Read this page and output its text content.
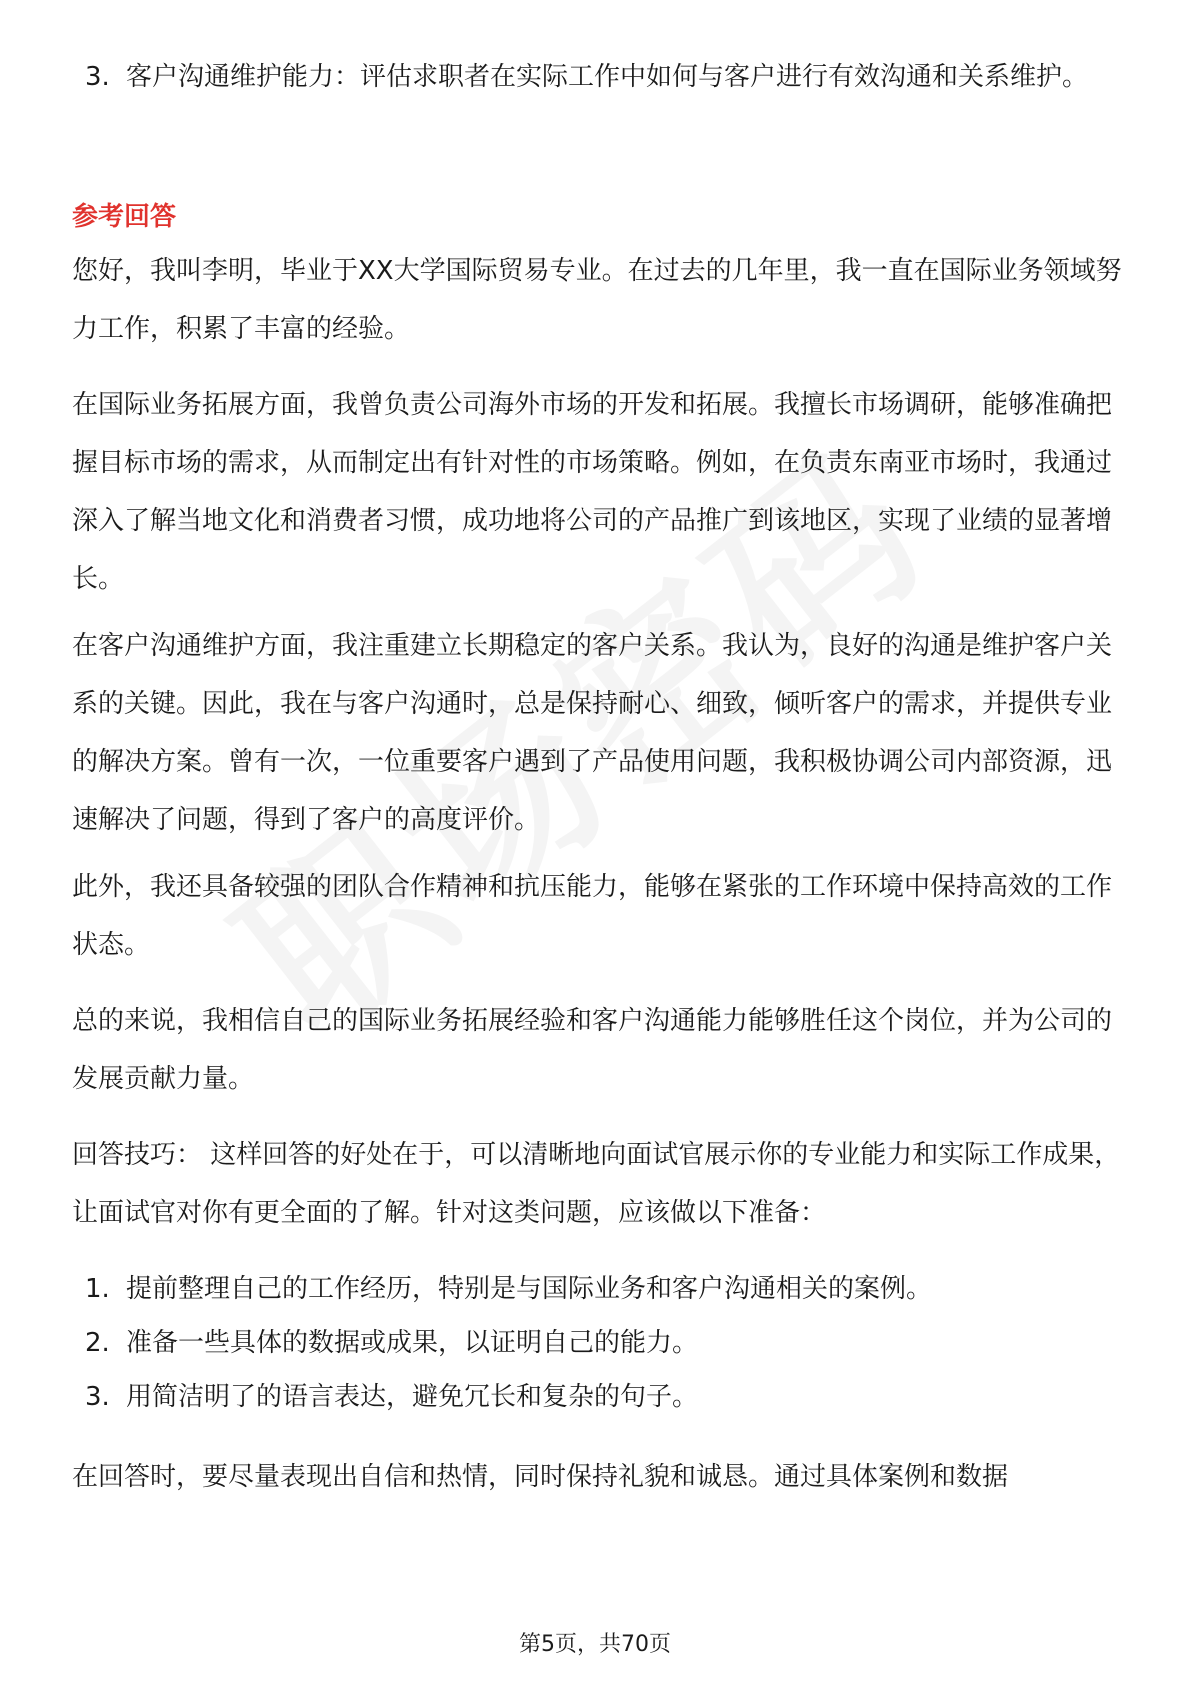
3. 客户沟通维护能力：评估求职者在实际工作中如何与客户进行有效沟通和关系维护。
参考回答
您好，我叫李明，毕业于XX大学国际贸易专业。在过去的几年里，我一直在国际业务领域努力工作，积累了丰富的经验。
在国际业务拓展方面，我曾负责公司海外市场的开发和拓展。我擅长市场调研，能够准确把握目标市场的需求，从而制定出有针对性的市场策略。例如，在负责东南亚市场时，我通过深入了解当地文化和消费者习惯，成功地将公司的产品推广到该地区，实现了业绩的显著增长。
在客户沟通维护方面，我注重建立长期稳定的客户关系。我认为，良好的沟通是维护客户关系的关键。因此，我在与客户沟通时，总是保持耐心、细致，倾听客户的需求，并提供专业的解决方案。曾有一次，一位重要客户遇到了产品使用问题，我积极协调公司内部资源，迅速解决了问题，得到了客户的高度评价。
此外，我还具备较强的团队合作精神和抗压能力，能够在紧张的工作环境中保持高效的工作状态。
总的来说，我相信自己的国际业务拓展经验和客户沟通能力能够胜任这个岗位，并为公司的发展贡献力量。
回答技巧： 这样回答的好处在于，可以清晰地向面试官展示你的专业能力和实际工作成果，让面试官对你有更全面的了解。针对这类问题，应该做以下准备：
1. 提前整理自己的工作经历，特别是与国际业务和客户沟通相关的案例。
2. 准备一些具体的数据或成果，以证明自己的能力。
3. 用简洁明了的语言表达，避免冗长和复杂的句子。
在回答时，要尽量表现出自信和热情，同时保持礼貌和诚恳。通过具体案例和数据
第5页，共70页
